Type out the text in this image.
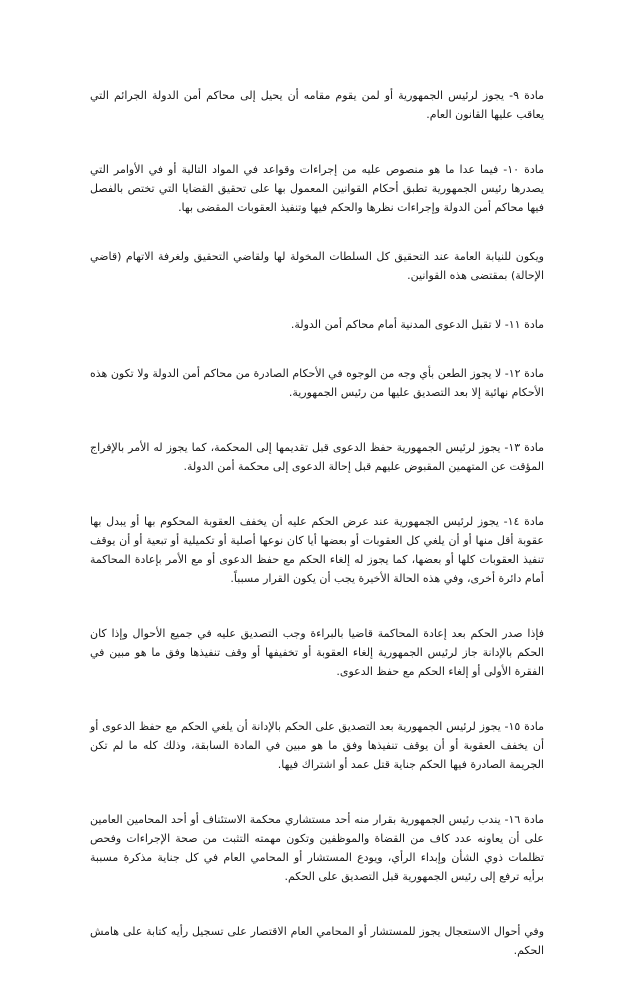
مادة ٩- يجوز لرئيس الجمهورية أو لمن يقوم مقامه أن يحيل إلى محاكم أمن الدولة الجرائم التي يعاقب عليها القانون العام.

مادة ١٠- فيما عدا ما هو منصوص عليه من إجراءات وقواعد في المواد التالية أو في الأوامر التي يصدرها رئيس الجمهورية تطبق أحكام القوانين المعمول بها على تحقيق القضايا التي تختص بالفصل فيها محاكم أمن الدولة وإجراءات نظرها والحكم فيها وتنفيذ العقوبات المقضى بها.

ويكون للنيابة العامة عند التحقيق كل السلطات المخولة لها ولقاضي التحقيق ولغرفة الاتهام (قاضي الإحالة) بمقتضى هذه القوانين.

مادة ١١- لا تقبل الدعوى المدنية أمام محاكم أمن الدولة.

مادة ١٢- لا يجوز الطعن بأي وجه من الوجوه في الأحكام الصادرة من محاكم أمن الدولة ولا تكون هذه الأحكام نهائية إلا بعد التصديق عليها من رئيس الجمهورية.

مادة ١٣- يجوز لرئيس الجمهورية حفظ الدعوى قبل تقديمها إلى المحكمة، كما يجوز له الأمر بالإفراج المؤقت عن المتهمين المقبوض عليهم قبل إحالة الدعوى إلى محكمة أمن الدولة.

مادة ١٤- يجوز لرئيس الجمهورية عند عرض الحكم عليه أن يخفف العقوبة المحكوم بها أو يبدل بها عقوبة أقل منها أو أن يلغي كل العقوبات أو بعضها أيا كان نوعها أصلية أو تكميلية أو تبعية أو أن يوقف تنفيذ العقوبات كلها أو بعضها، كما يجوز له إلغاء الحكم مع حفظ الدعوى أو مع الأمر بإعادة المحاكمة أمام دائرة أخرى، وفي هذه الحالة الأخيرة يجب أن يكون القرار مسبباً.

فإذا صدر الحكم بعد إعادة المحاكمة قاضيا بالبراءة وجب التصديق عليه في جميع الأحوال وإذا كان الحكم بالإدانة جاز لرئيس الجمهورية إلغاء العقوبة أو تخفيفها أو وقف تنفيذها وفق ما هو مبين في الفقرة الأولى أو إلغاء الحكم مع حفظ الدعوى.

مادة ١٥- يجوز لرئيس الجمهورية بعد التصديق على الحكم بالإدانة أن يلغي الحكم مع حفظ الدعوى أو أن يخفف العقوبة أو أن يوقف تنفيذها وفق ما هو مبين في المادة السابقة، وذلك كله ما لم تكن الجريمة الصادرة فيها الحكم جناية قتل عمد أو اشتراك فيها.

مادة ١٦- يندب رئيس الجمهورية بقرار منه أحد مستشاري محكمة الاستئناف أو أحد المحامين العامين على أن يعاونه عدد كاف من القضاة والموظفين وتكون مهمته التثبت من صحة الإجراءات وفحص تظلمات ذوي الشأن وإبداء الرأي، ويودع المستشار أو المحامي العام في كل جناية مذكرة مسببة برأيه ترفع إلى رئيس الجمهورية قبل التصديق على الحكم.

وفي أحوال الاستعجال يجوز للمستشار أو المحامي العام الاقتصار على تسجيل رأيه كتابة على هامش الحكم.
